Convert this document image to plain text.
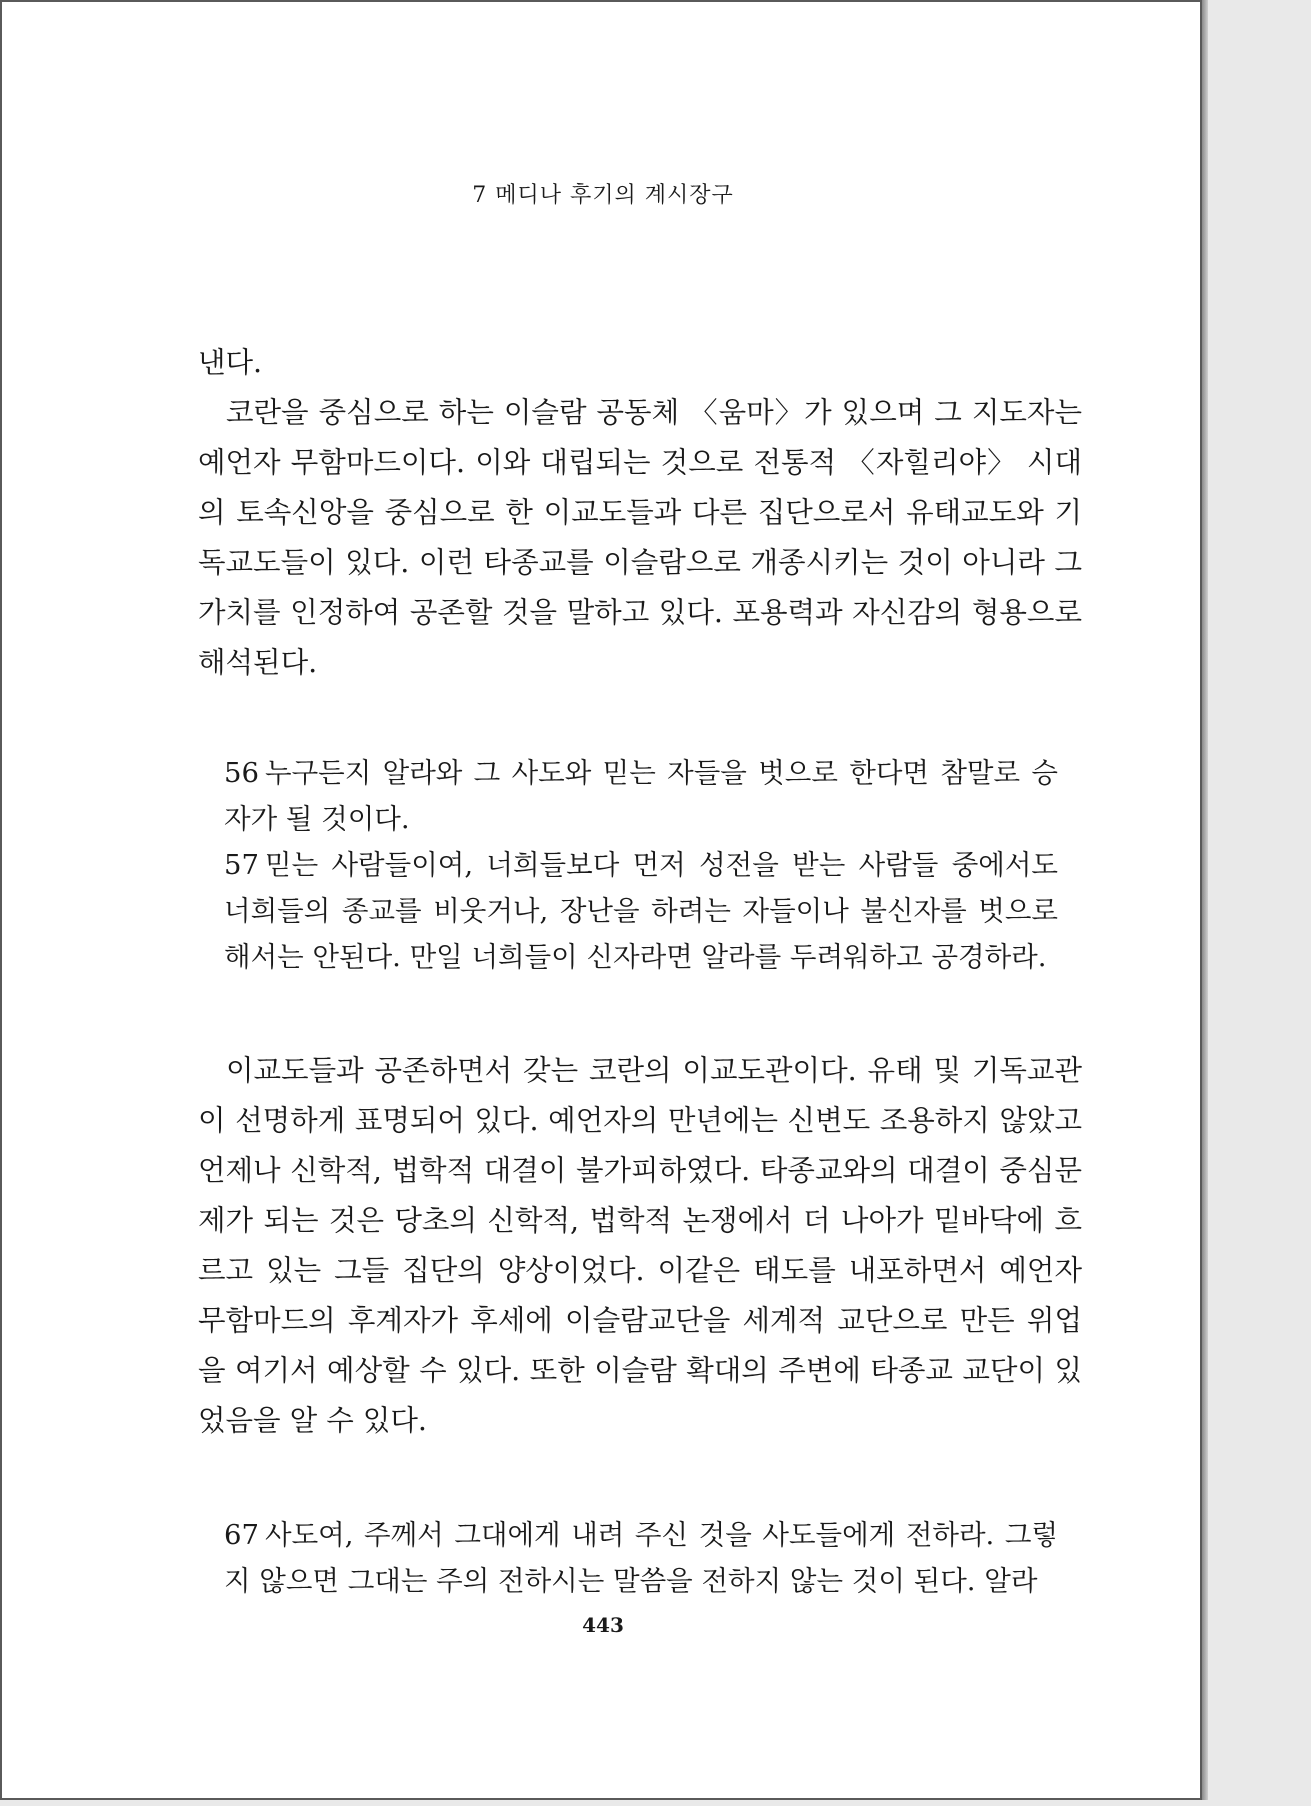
7 메디나 후기의 계시장구

낸다.

코란을 중심으로 하는 이슬람 공동체 〈움마〉가 있으며 그 지도자는 예언자 무함마드이다. 이와 대립되는 것으로 전통적 〈자힐리야〉 시대의 토속신앙을 중심으로 한 이교도들과 다른 집단으로서 유태교도와 기독교도들이 있다. 이런 타종교를 이슬람으로 개종시키는 것이 아니라 그 가치를 인정하여 공존할 것을 말하고 있다. 포용력과 자신감의 형용으로 해석된다.

56 누구든지 알라와 그 사도와 믿는 자들을 벗으로 한다면 참말로 승자가 될 것이다.
57 믿는 사람들이여, 너희들보다 먼저 성전을 받는 사람들 중에서도 너희들의 종교를 비웃거나, 장난을 하려는 자들이나 불신자를 벗으로 해서는 안된다. 만일 너희들이 신자라면 알라를 두려워하고 공경하라.

이교도들과 공존하면서 갖는 코란의 이교도관이다. 유태 및 기독교관이 선명하게 표명되어 있다. 예언자의 만년에는 신변도 조용하지 않았고 언제나 신학적, 법학적 대결이 불가피하였다. 타종교와의 대결이 중심문제가 되는 것은 당초의 신학적, 법학적 논쟁에서 더 나아가 밑바닥에 흐르고 있는 그들 집단의 양상이었다. 이같은 태도를 내포하면서 예언자 무함마드의 후계자가 후세에 이슬람교단을 세계적 교단으로 만든 위업을 여기서 예상할 수 있다. 또한 이슬람 확대의 주변에 타종교 교단이 있었음을 알 수 있다.

67 사도여, 주께서 그대에게 내려 주신 것을 사도들에게 전하라. 그렇지 않으면 그대는 주의 전하시는 말씀을 전하지 않는 것이 된다. 알라
443
